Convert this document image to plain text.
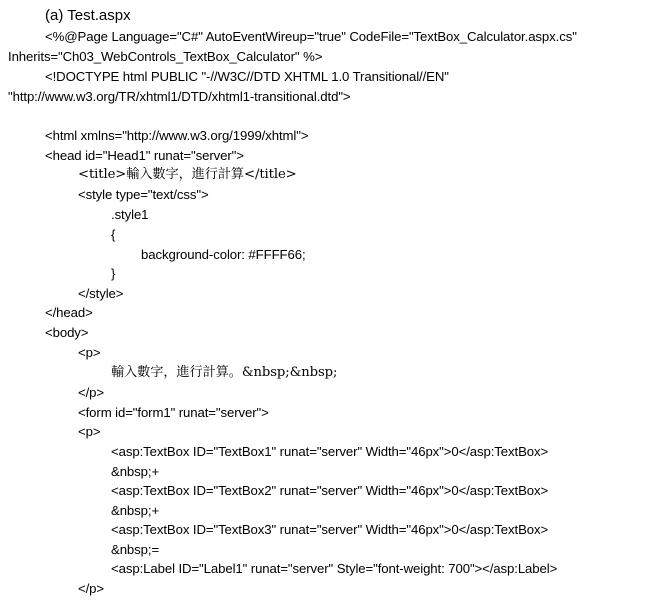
(a) Test.aspx
<%@Page Language="C#" AutoEventWireup="true" CodeFile="TextBox_Calculator.aspx.cs"
Inherits="Ch03_WebControls_TextBox_Calculator" %>
<!DOCTYPE html PUBLIC "-//W3C//DTD XHTML 1.0 Transitional//EN"
"http://www.w3.org/TR/xhtml1/DTD/xhtml1-transitional.dtd">
<html xmlns="http://www.w3.org/1999/xhtml">
<head id="Head1" runat="server">
<title>輸入數字，進行計算</title>
<style type="text/css">
.style1
{
background-color: #FFFF66;
}
</style>
</head>
<body>
<p>
輸入數字，進行計算。&nbsp;&nbsp;
</p>
<form id="form1" runat="server">
<p>
<asp:TextBox ID="TextBox1" runat="server" Width="46px">0</asp:TextBox>
&nbsp;+
<asp:TextBox ID="TextBox2" runat="server" Width="46px">0</asp:TextBox>
&nbsp;+
<asp:TextBox ID="TextBox3" runat="server" Width="46px">0</asp:TextBox>
&nbsp;=
<asp:Label ID="Label1" runat="server" Style="font-weight: 700"></asp:Label>
</p>
